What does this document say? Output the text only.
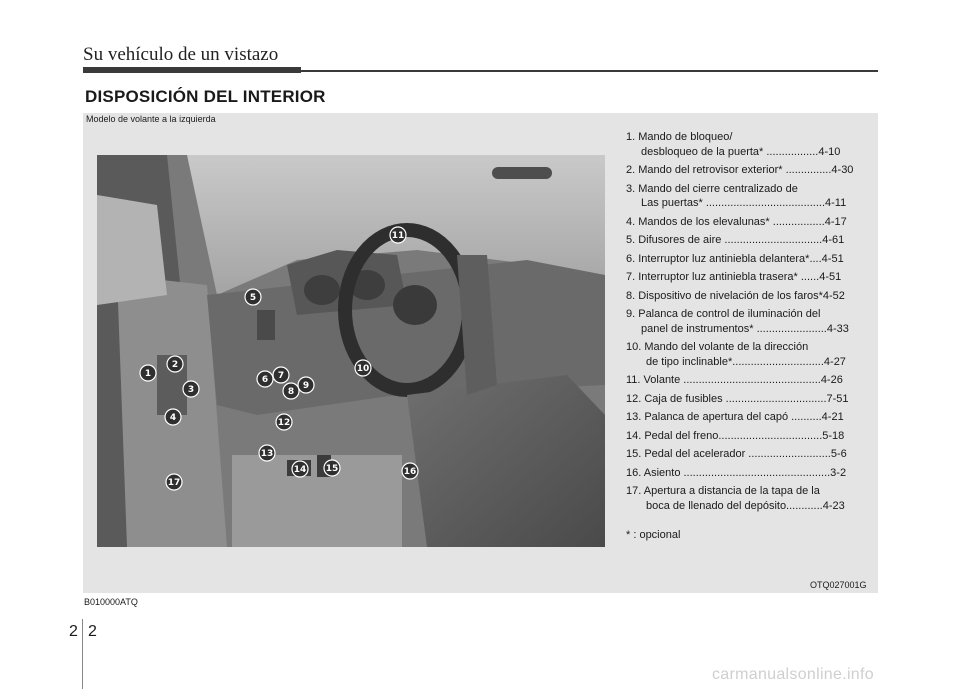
Su vehículo de un vistazo
DISPOSICIÓN DEL INTERIOR
Modelo de volante a la izquierda
1
2
3
4
5
6 7
8
9
10
11
12
13
14 15	16
17
1. Mando de bloqueo/
desbloqueo de la puerta* .................4-10
2. Mando del retrovisor exterior* ...............4-30
3. Mando del cierre centralizado de
Las puertas* .......................................4-11
4. Mandos de los elevalunas* .................4-17
5. Difusores de aire ................................4-61
6. Interruptor luz antiniebla delantera*....4-51
7. Interruptor luz antiniebla trasera* ......4-51
8. Dispositivo de nivelación de los faros*4-52
9. Palanca de control de iluminación del
panel de instrumentos* .......................4-33
10. Mando del volante de la dirección
de tipo inclinable*..............................4-27
11. Volante .............................................4-26
12. Caja de fusibles .................................7-51
13. Palanca de apertura del capó ..........4-21
14. Pedal del freno..................................5-18
15. Pedal del acelerador ...........................5-6
16. Asiento ................................................3-2
17. Apertura a distancia de la tapa de la
boca de llenado del depósito............4-23
* : opcional
OTQ027001G
B010000ATQ
2 2
carmanualsonline.info
